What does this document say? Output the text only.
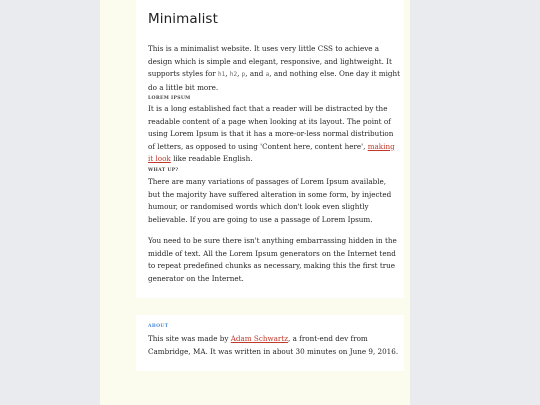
Minimalist

This is a minimalist website. It uses very little CSS to achieve a design which is simple and elegant, responsive, and lightweight. It supports styles for h1, h2, p, and a, and nothing else. One day it might do a little bit more.

LOREM IPSUM

It is a long established fact that a reader will be distracted by the readable content of a page when looking at its layout. The point of using Lorem Ipsum is that it has a more-or-less normal distribution of letters, as opposed to using 'Content here, content here', making it look like readable English.

WHAT UP?

There are many variations of passages of Lorem Ipsum available, but the majority have suffered alteration in some form, by injected humour, or randomised words which don't look even slightly believable. If you are going to use a passage of Lorem Ipsum.

You need to be sure there isn't anything embarrassing hidden in the middle of text. All the Lorem Ipsum generators on the Internet tend to repeat predefined chunks as necessary, making this the first true generator on the Internet.

ABOUT

This site was made by Adam Schwartz, a front-end dev from Cambridge, MA. It was written in about 30 minutes on June 9, 2016.
